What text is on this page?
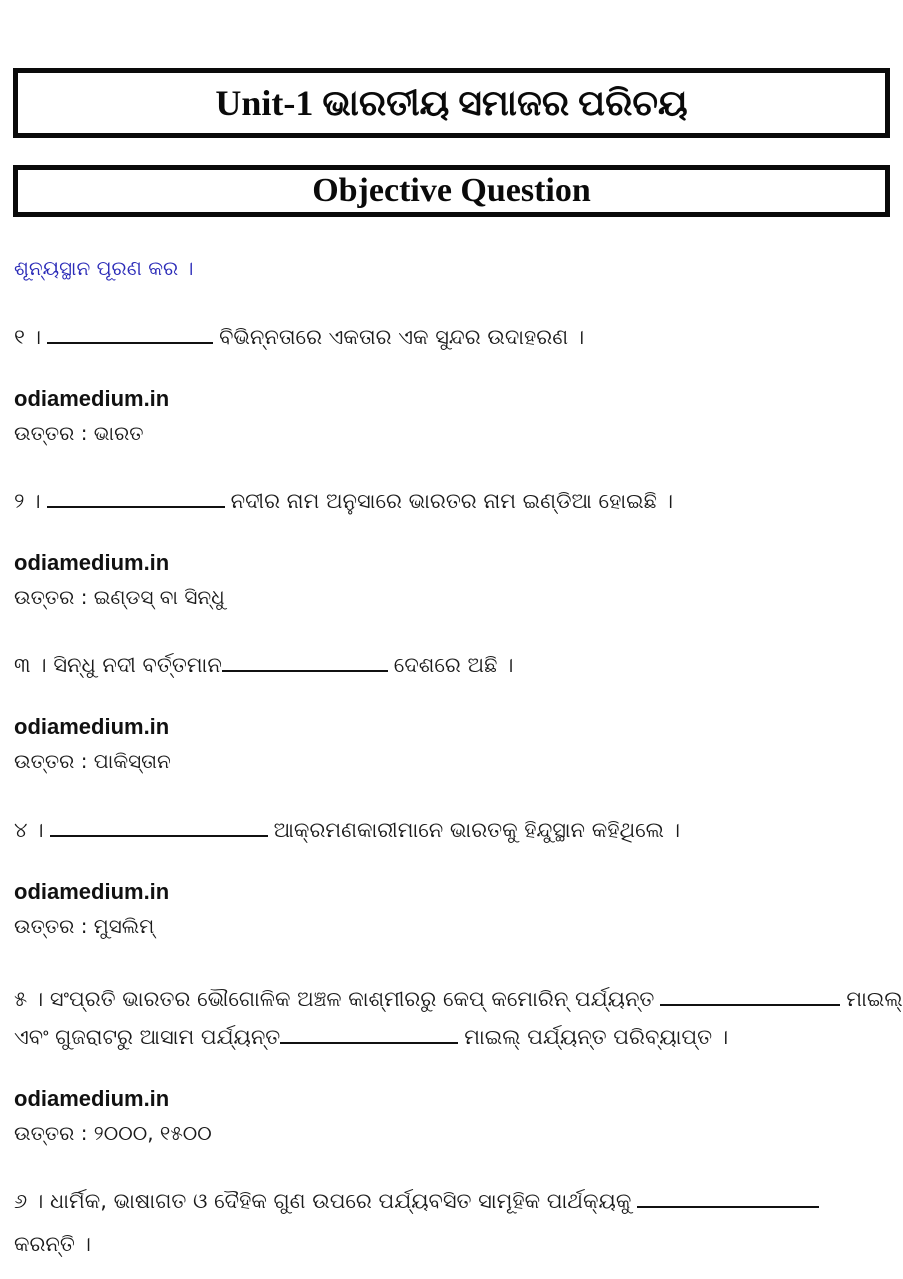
Unit-1 ଭାରତୀୟ ସମାଜର ପରିଚୟ
Objective Question
ଶୂନ୍ୟସ୍ଥାନ ପୂରଣ କର ।
୧ ।	ବିଭିନ୍ନତାରେ ଏକତାର ଏକ ସୁନ୍ଦର ଉଦାହରଣ ।
odiamedium.in
ଉତ୍ତର : ଭାରତ
୨ ।	ନଦୀର ନାମ ଅନୁସାରେ ଭାରତର ନାମ ଇଣ୍ଡିଆ ହୋଇଛି ।
odiamedium.in
ଉତ୍ତର : ଇଣ୍ଡସ୍ ବା ସିନ୍ଧୁ
୩ । ସିନ୍ଧୁ ନଦୀ ବର୍ତ୍ତମାନ	ଦେଶରେ ଅଛି ।
odiamedium.in
ଉତ୍ତର : ପାକିସ୍ତାନ
୪ ।	ଆକ୍ରମଣକାରୀମାନେ ଭାରତକୁ ହିନ୍ଦୁସ୍ଥାନ କହିଥିଲେ ।
odiamedium.in
ଉତ୍ତର : ମୁସଲିମ୍
୫ । ସଂପ୍ରତି ଭାରତର ଭୌଗୋଳିକ ଅଞ୍ଚଳ କାଶ୍ମୀରରୁ କେପ୍ କମୋରିନ୍ ପର୍ଯ୍ୟନ୍ତ	ମାଇଲ୍
ଏବଂ ଗୁଜରାଟରୁ ଆସାମ ପର୍ଯ୍ୟନ୍ତ	ମାଇଲ୍ ପର୍ଯ୍ୟନ୍ତ ପରିବ୍ୟାପ୍ତ ।
odiamedium.in
ଉତ୍ତର : ୨୦୦୦, ୧୫୦୦
୬ । ଧାର୍ମିକ, ଭାଷାଗତ ଓ ଦୈହିକ ଗୁଣ ଉପରେ ପର୍ଯ୍ୟବସିତ ସାମୂହିକ ପାର୍ଥକ୍ୟକୁ
କରନ୍ତି ।
